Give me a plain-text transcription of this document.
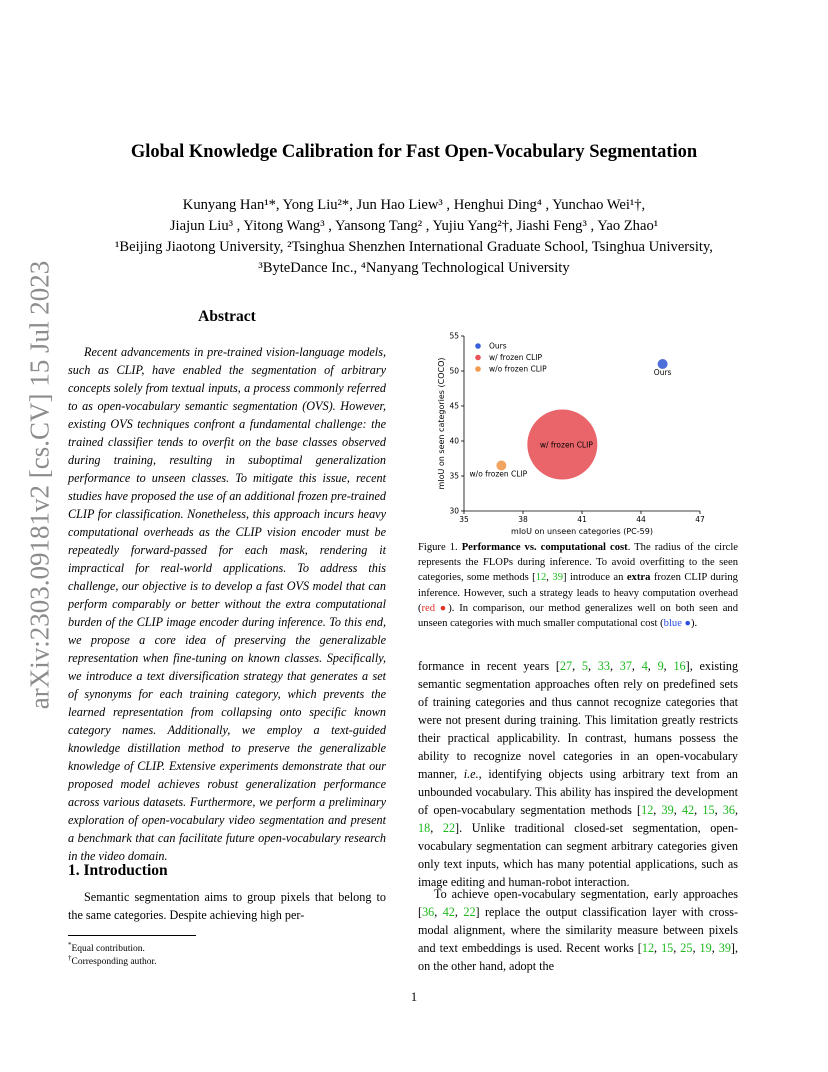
Global Knowledge Calibration for Fast Open-Vocabulary Segmentation
Kunyang Han¹*, Yong Liu²*, Jun Hao Liew³ , Henghui Ding⁴ , Yunchao Wei¹†,
Jiajun Liu³ , Yitong Wang³ , Yansong Tang² , Yujiu Yang²†, Jiashi Feng³ , Yao Zhao¹
¹Beijing Jiaotong University, ²Tsinghua Shenzhen International Graduate School, Tsinghua University,
³ByteDance Inc., ⁴Nanyang Technological University
arXiv:2303.09181v2 [cs.CV] 15 Jul 2023	Abstract
Recent advancements in pre-trained vision-language models, such as CLIP, have enabled the segmentation of arbitrary concepts solely from textual inputs, a process commonly referred to as open-vocabulary semantic segmentation (OVS). However, existing OVS techniques confront a fundamental challenge: the trained classifier tends to overfit on the base classes observed during training, resulting in suboptimal generalization performance to unseen classes. To mitigate this issue, recent studies have proposed the use of an additional frozen pre-trained CLIP for classification. Nonetheless, this approach incurs heavy computational overheads as the CLIP vision encoder must be repeatedly forward-passed for each mask, rendering it impractical for real-world applications. To address this challenge, our objective is to develop a fast OVS model that can perform comparably or better without the extra computational burden of the CLIP image encoder during inference. To this end, we propose a core idea of preserving the generalizable representation when fine-tuning on known classes. Specifically, we introduce a text diversification strategy that generates a set of synonyms for each training category, which prevents the learned representation from collapsing onto specific known category names. Additionally, we employ a text-guided knowledge distillation method to preserve the generalizable knowledge of CLIP. Extensive experiments demonstrate that our proposed model achieves robust generalization performance across various datasets. Furthermore, we perform a preliminary exploration of open-vocabulary video segmentation and present a benchmark that can facilitate future open-vocabulary research in the video domain.
1. Introduction
Semantic segmentation aims to group pixels that belong to the same categories. Despite achieving high per-
*Equal contribution.
†Corresponding author.
35	38	41	44	47
30
35
40
45
50
55
mIoU on unseen categories (PC-59)
mIoU on seen categories (COCO)	Ours
w/ frozen CLIP
w/o frozen CLIP
Ours
w/ frozen CLIP
w/o frozen CLIP
Figure 1. Performance vs. computational cost. The radius of the circle represents the FLOPs during inference. To avoid overfitting to the seen categories, some methods [12, 39] introduce an extra frozen CLIP during inference. However, such a strategy leads to heavy computation overhead (red ●). In comparison, our method generalizes well on both seen and unseen categories with much smaller computational cost (blue ●).
formance in recent years [27, 5, 33, 37, 4, 9, 16], existing semantic segmentation approaches often rely on predefined sets of training categories and thus cannot recognize categories that were not present during training. This limitation greatly restricts their practical applicability. In contrast, humans possess the ability to recognize novel categories in an open-vocabulary manner, i.e., identifying objects using arbitrary text from an unbounded vocabulary. This ability has inspired the development of open-vocabulary segmentation methods [12, 39, 42, 15, 36, 18, 22]. Unlike traditional closed-set segmentation, open-vocabulary segmentation can segment arbitrary categories given only text inputs, which has many potential applications, such as image editing and human-robot interaction.
To achieve open-vocabulary segmentation, early approaches [36, 42, 22] replace the output classification layer with cross-modal alignment, where the similarity measure between pixels and text embeddings is used. Recent works [12, 15, 25, 19, 39], on the other hand, adopt the
1
